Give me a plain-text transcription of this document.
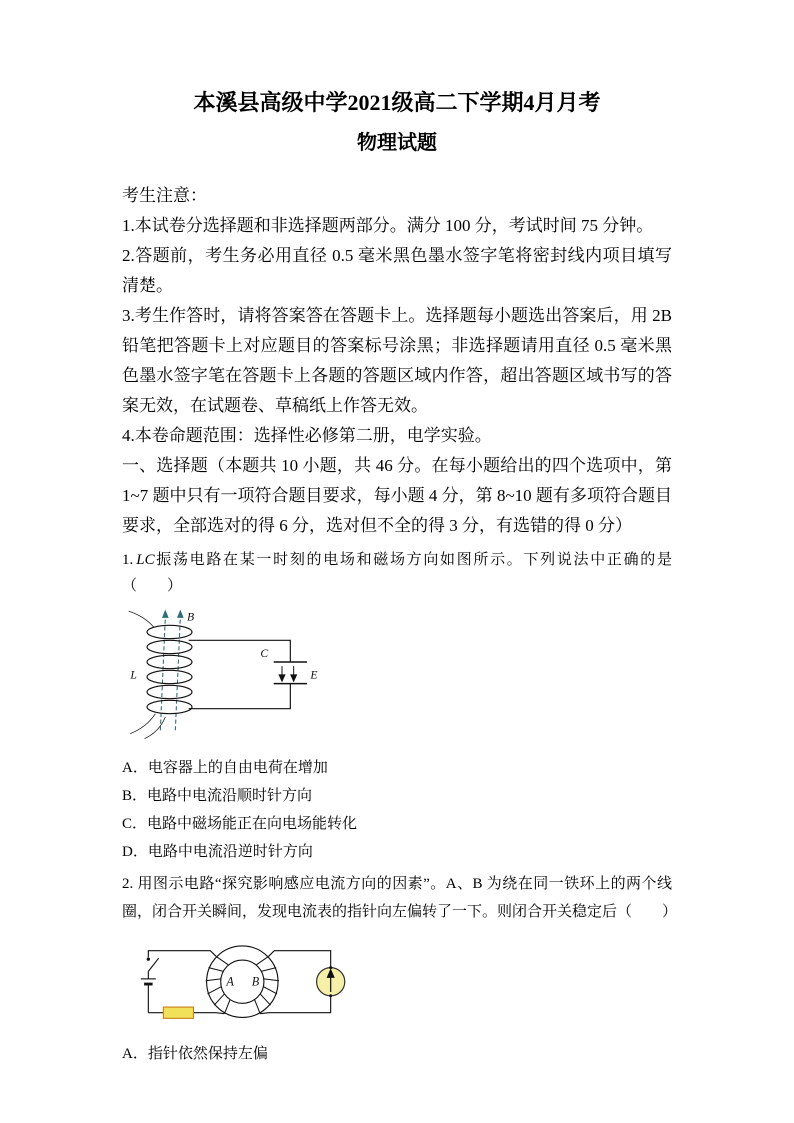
本溪县高级中学2021级高二下学期4月月考
物理试题

考生注意：

1.本试卷分选择题和非选择题两部分。满分 100 分，考试时间 75 分钟。

2.答题前，考生务必用直径 0.5 毫米黑色墨水签字笔将密封线内项目填写清楚。

3.考生作答时，请将答案答在答题卡上。选择题每小题选出答案后，用 2B 铅笔把答题卡上对应题目的答案标号涂黑；非选择题请用直径 0.5 毫米黑色墨水签字笔在答题卡上各题的答题区域内作答，超出答题区域书写的答案无效，在试题卷、草稿纸上作答无效。

4.本卷命题范围：选择性必修第二册，电学实验。

一、选择题（本题共 10 小题，共 46 分。在每小题给出的四个选项中，第 1~7 题中只有一项符合题目要求，每小题 4 分，第 8~10 题有多项符合题目要求，全部选对的得 6 分，选对但不全的得 3 分，有选错的得 0 分）

1. LC振荡电路在某一时刻的电场和磁场方向如图所示。下列说法中正确的是（　　）

B
L
C
E

A．电容器上的自由电荷在增加

B．电路中电流沿顺时针方向

C．电路中磁场能正在向电场能转化

D．电路中电流沿逆时针方向

2. 用图示电路“探究影响感应电流方向的因素”。A、B 为绕在同一铁环上的两个线圈，闭合开关瞬间，发现电流表的指针向左偏转了一下。则闭合开关稳定后（　　）

A B

A．指针依然保持左偏
